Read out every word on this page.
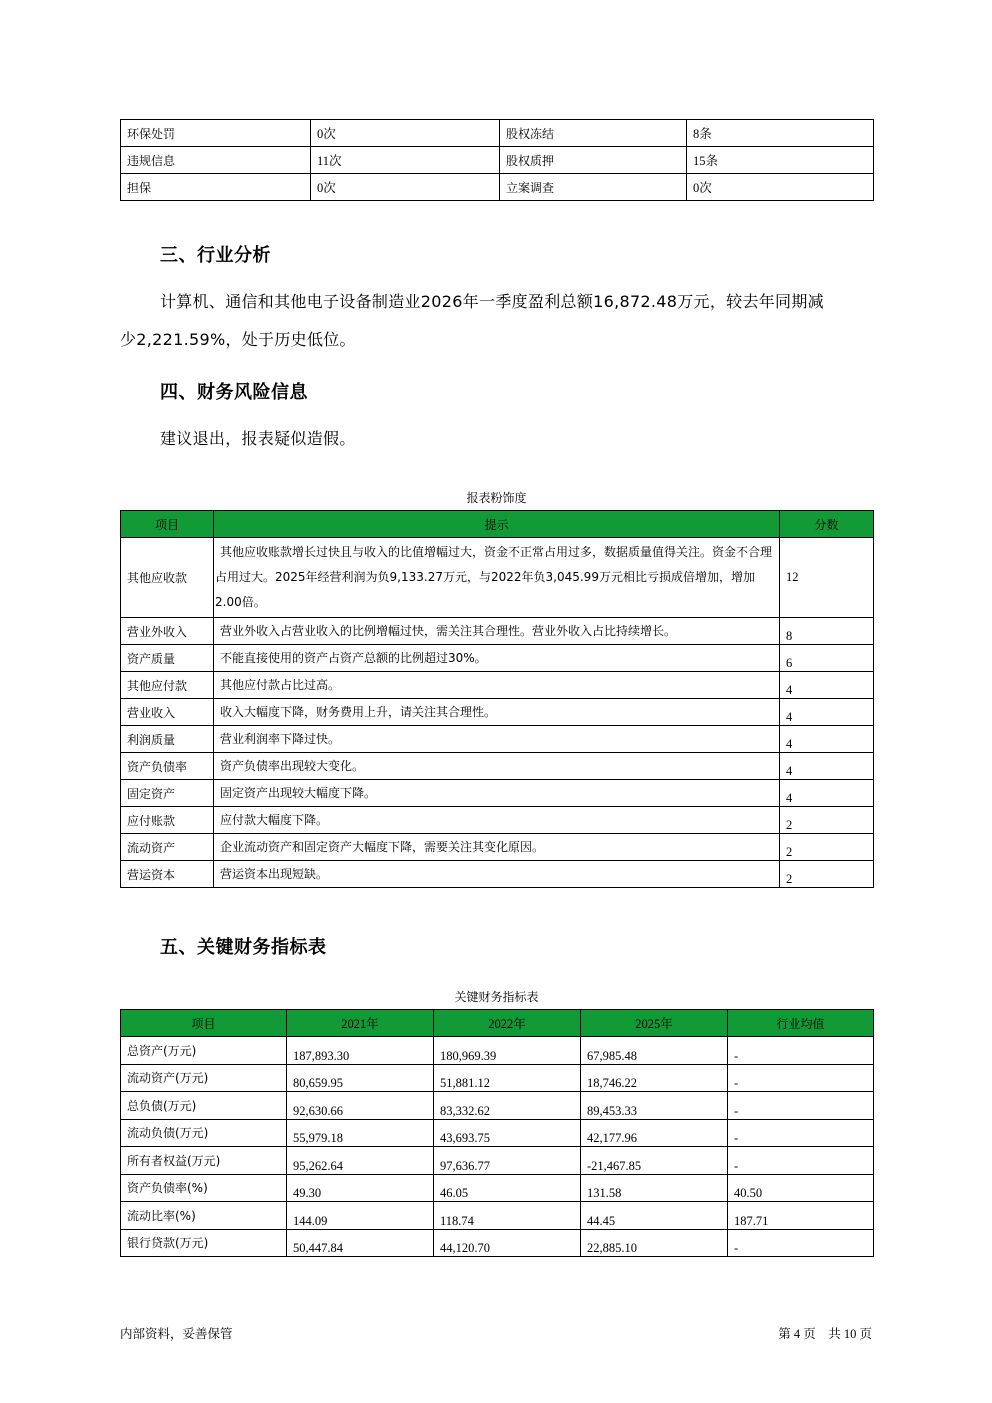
环保处罚	0次	股权冻结	8条
违规信息	11次	股权质押	15条
担保	0次	立案调查	0次
三、行业分析
计算机、通信和其他电子设备制造业2026年一季度盈利总额16,872.48万元，较去年同期减
少2,221.59%，处于历史低位。
四、财务风险信息
建议退出，报表疑似造假。
报表粉饰度
项目	提示	分数
其他应收款	其他应收账款增长过快且与收入的比值增幅过大，资金不正常占用过多，数据质量值得关注。资金不合理占用过大。2025年经营利润为负9,133.27万元，与2022年负3,045.99万元相比亏损成倍增加，增加2.00倍。	12
营业外收入	营业外收入占营业收入的比例增幅过快，需关注其合理性。营业外收入占比持续增长。	8
资产质量	不能直接使用的资产占资产总额的比例超过30%。	6
其他应付款	其他应付款占比过高。	4
营业收入	收入大幅度下降，财务费用上升，请关注其合理性。	4
利润质量	营业利润率下降过快。	4
资产负债率	资产负债率出现较大变化。	4
固定资产	固定资产出现较大幅度下降。	4
应付账款	应付款大幅度下降。	2
流动资产	企业流动资产和固定资产大幅度下降，需要关注其变化原因。	2
营运资本	营运资本出现短缺。	2
五、关键财务指标表
关键财务指标表
项目	2021年	2022年	2025年	行业均值
总资产(万元)	187,893.30	180,969.39	67,985.48	-
流动资产(万元)	80,659.95	51,881.12	18,746.22	-
总负债(万元)	92,630.66	83,332.62	89,453.33	-
流动负债(万元)	55,979.18	43,693.75	42,177.96	-
所有者权益(万元)	95,262.64	97,636.77	-21,467.85	-
资产负债率(%)	49.30	46.05	131.58	40.50
流动比率(%)	144.09	118.74	44.45	187.71
银行贷款(万元)	50,447.84	44,120.70	22,885.10	-
内部资料，妥善保管	第 4 页　共 10 页
